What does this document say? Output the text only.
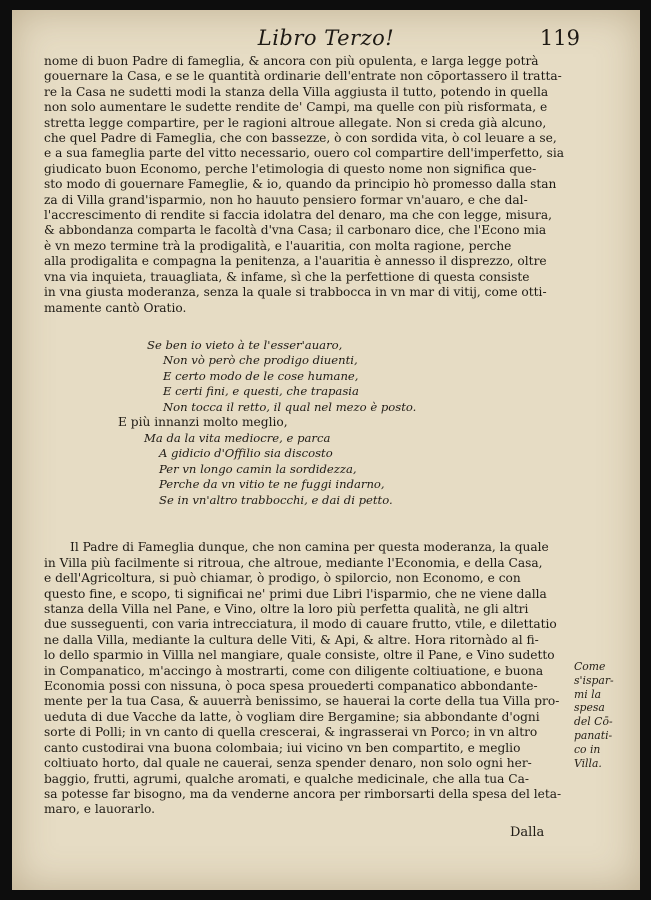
Libro Terzo!	119
nome di buon Padre di fameglia, & ancora con più opulenta, e larga legge potrà
gouernare la Casa, e se le quantità ordinarie dell'entrate non cōportassero il tratta-
re la Casa ne sudetti modi la stanza della Villa aggiusta il tutto, potendo in quella
non solo aumentare le sudette rendite de' Campi, ma quelle con più risformata, e
stretta legge compartire, per le ragioni altroue allegate. Non si creda già alcuno,
che quel Padre di Fameglia, che con bassezze, ò con sordida vita, ò col leuare a se,
e a sua fameglia parte del vitto necessario, ouero col compartire dell'imperfetto, sia
giudicato buon Economo, perche l'etimologia di questo nome non significa que-
sto modo di gouernare Fameglie, & io, quando da principio hò promesso dalla stan
za di Villa grand'isparmio, non ho hauuto pensiero formar vn'auaro, e che dal-
l'accrescimento di rendite si faccia idolatra del denaro, ma che con legge, misura,
& abbondanza comparta le facoltà d'vna Casa; il carbonaro dice, che l'Econo mia
è vn mezo termine trà la prodigalità, e l'auaritia, con molta ragione, perche
alla prodigalita e compagna la penitenza, a l'auaritia è annesso il disprezzo, oltre
vna via inquieta, trauagliata, & infame, sì che la perfettione di questa consiste
in vna giusta moderanza, senza la quale si trabbocca in vn mar di vitij, come otti-
mamente cantò Oratio.
Se ben io vieto à te l'esser'auaro,
Non vò però che prodigo diuenti,
E certo modo de le cose humane,
E certi fini, e questi, che trapasia
Non tocca il retto, il qual nel mezo è posto.
E più innanzi molto meglio,
Ma da la vita mediocre, e parca
A gidicio d'Offilio sia discosto
Per vn longo camin la sordidezza,
Perche da vn vitio te ne fuggi indarno,
Se in vn'altro trabbocchi, e dai di petto.
Il Padre di Fameglia dunque, che non camina per questa moderanza, la quale
in Villa più facilmente si ritroua, che altroue, mediante l'Economia, e della Casa,
e dell'Agricoltura, si può chiamar, ò prodigo, ò spilorcio, non Economo, e con
questo fine, e scopo, ti significai ne' primi due Libri l'isparmio, che ne viene dalla
stanza della Villa nel Pane, e Vino, oltre la loro più perfetta qualità, ne gli altri
due susseguenti, con varia intrecciatura, il modo di cauare frutto, vtile, e dilettatio
ne dalla Villa, mediante la cultura delle Viti, & Api, & altre. Hora ritornàdo al fi-
lo dello sparmio in Villla nel mangiare, quale consiste, oltre il Pane, e Vino sudetto
in Companatico, m'accingo à mostrarti, come con diligente coltiuatione, e buona
Economia possi con nissuna, ò poca spesa prouederti companatico abbondante-
mente per la tua Casa, & auuerrà benissimo, se hauerai la corte della tua Villa pro-
ueduta di due Vacche da latte, ò vogliam dire Bergamine; sia abbondante d'ogni
sorte di Polli; in vn canto di quella crescerai, & ingrasserai vn Porco; in vn altro
canto custodirai vna buona colombaia; iui vicino vn ben compartito, e meglio
coltiuato horto, dal quale ne cauerai, senza spender denaro, non solo ogni her-
baggio, frutti, agrumi, qualche aromati, e qualche medicinale, che alla tua Ca-
sa potesse far bisogno, ma da venderne ancora per rimborsarti della spesa del leta-
maro, e lauorarlo.
Come
s'ispar-
mi la
spesa
del Cō-
panati-
co in
Villa.
Dalla
